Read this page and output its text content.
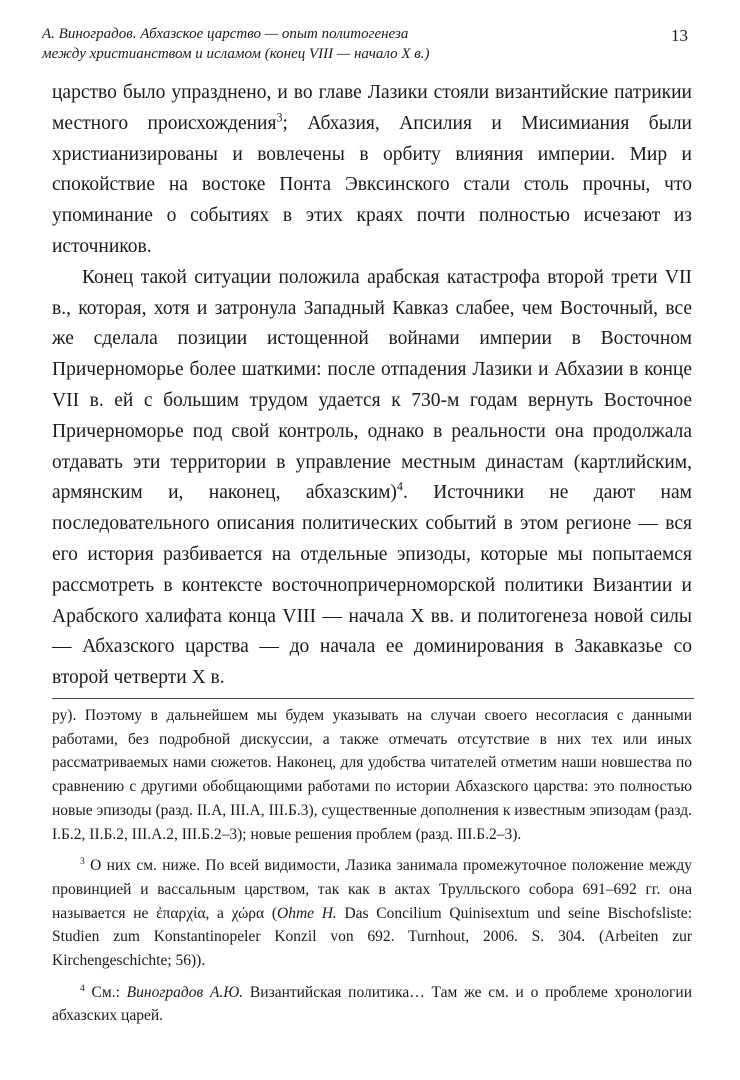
А. Виноградов. Абхазское царство — опыт политогенеза
между христианством и исламом (конец VIII — начало X в.)
13

царство было упразднено, и во главе Лазики стояли византийские патрикии местного происхождения$^3$; Абхазия, Апсилия и Мисимиания были христианизированы и вовлечены в орбиту влияния империи. Мир и спокойствие на востоке Понта Эвксинского стали столь прочны, что упоминание о событиях в этих краях почти полностью исчезают из источников.

Конец такой ситуации положила арабская катастрофа второй трети VII в., которая, хотя и затронула Западный Кавказ слабее, чем Восточный, все же сделала позиции истощенной войнами империи в Восточном Причерноморье более шаткими: после отпадения Лазики и Абхазии в конце VII в. ей с большим трудом удается к 730-м годам вернуть Восточное Причерноморье под свой контроль, однако в реальности она продолжала отдавать эти территории в управление местным династам (картлийским, армянским и, наконец, абхазским)$^4$. Источники не дают нам последовательного описания политических событий в этом регионе — вся его история разбивается на отдельные эпизоды, которые мы попытаемся рассмотреть в контексте восточнопричерноморской политики Византии и Арабского халифата конца VIII — начала X вв. и политогенеза новой силы — Абхазского царства — до начала ее доминирования в Закавказье со второй четверти X в.

ру). Поэтому в дальнейшем мы будем указывать на случаи своего несогласия с данными работами, без подробной дискуссии, а также отмечать отсутствие в них тех или иных рассматриваемых нами сюжетов. Наконец, для удобства читателей отметим наши новшества по сравнению с другими обобщающими работами по истории Абхазского царства: это полностью новые эпизоды (разд. II.А, III.А, III.Б.3), существенные дополнения к известным эпизодам (разд. I.Б.2, II.Б.2, III.А.2, III.Б.2–3); новые решения проблем (разд. III.Б.2–3).

$^3$ О них см. ниже. По всей видимости, Лазика занимала промежуточное положение между провинцией и вассальным царством, так как в актах Трулльского собора 691–692 гг. она называется не ἐπαρχία, а χώρα (Ohme H. Das Concilium Quinisextum und seine Bischofsliste: Studien zum Konstantinopeler Konzil von 692. Turnhout, 2006. S. 304. (Arbeiten zur Kirchengeschichte; 56)).

$^4$ См.: Виноградов А.Ю. Византийская политика… Там же см. и о проблеме хронологии абхазских царей.
